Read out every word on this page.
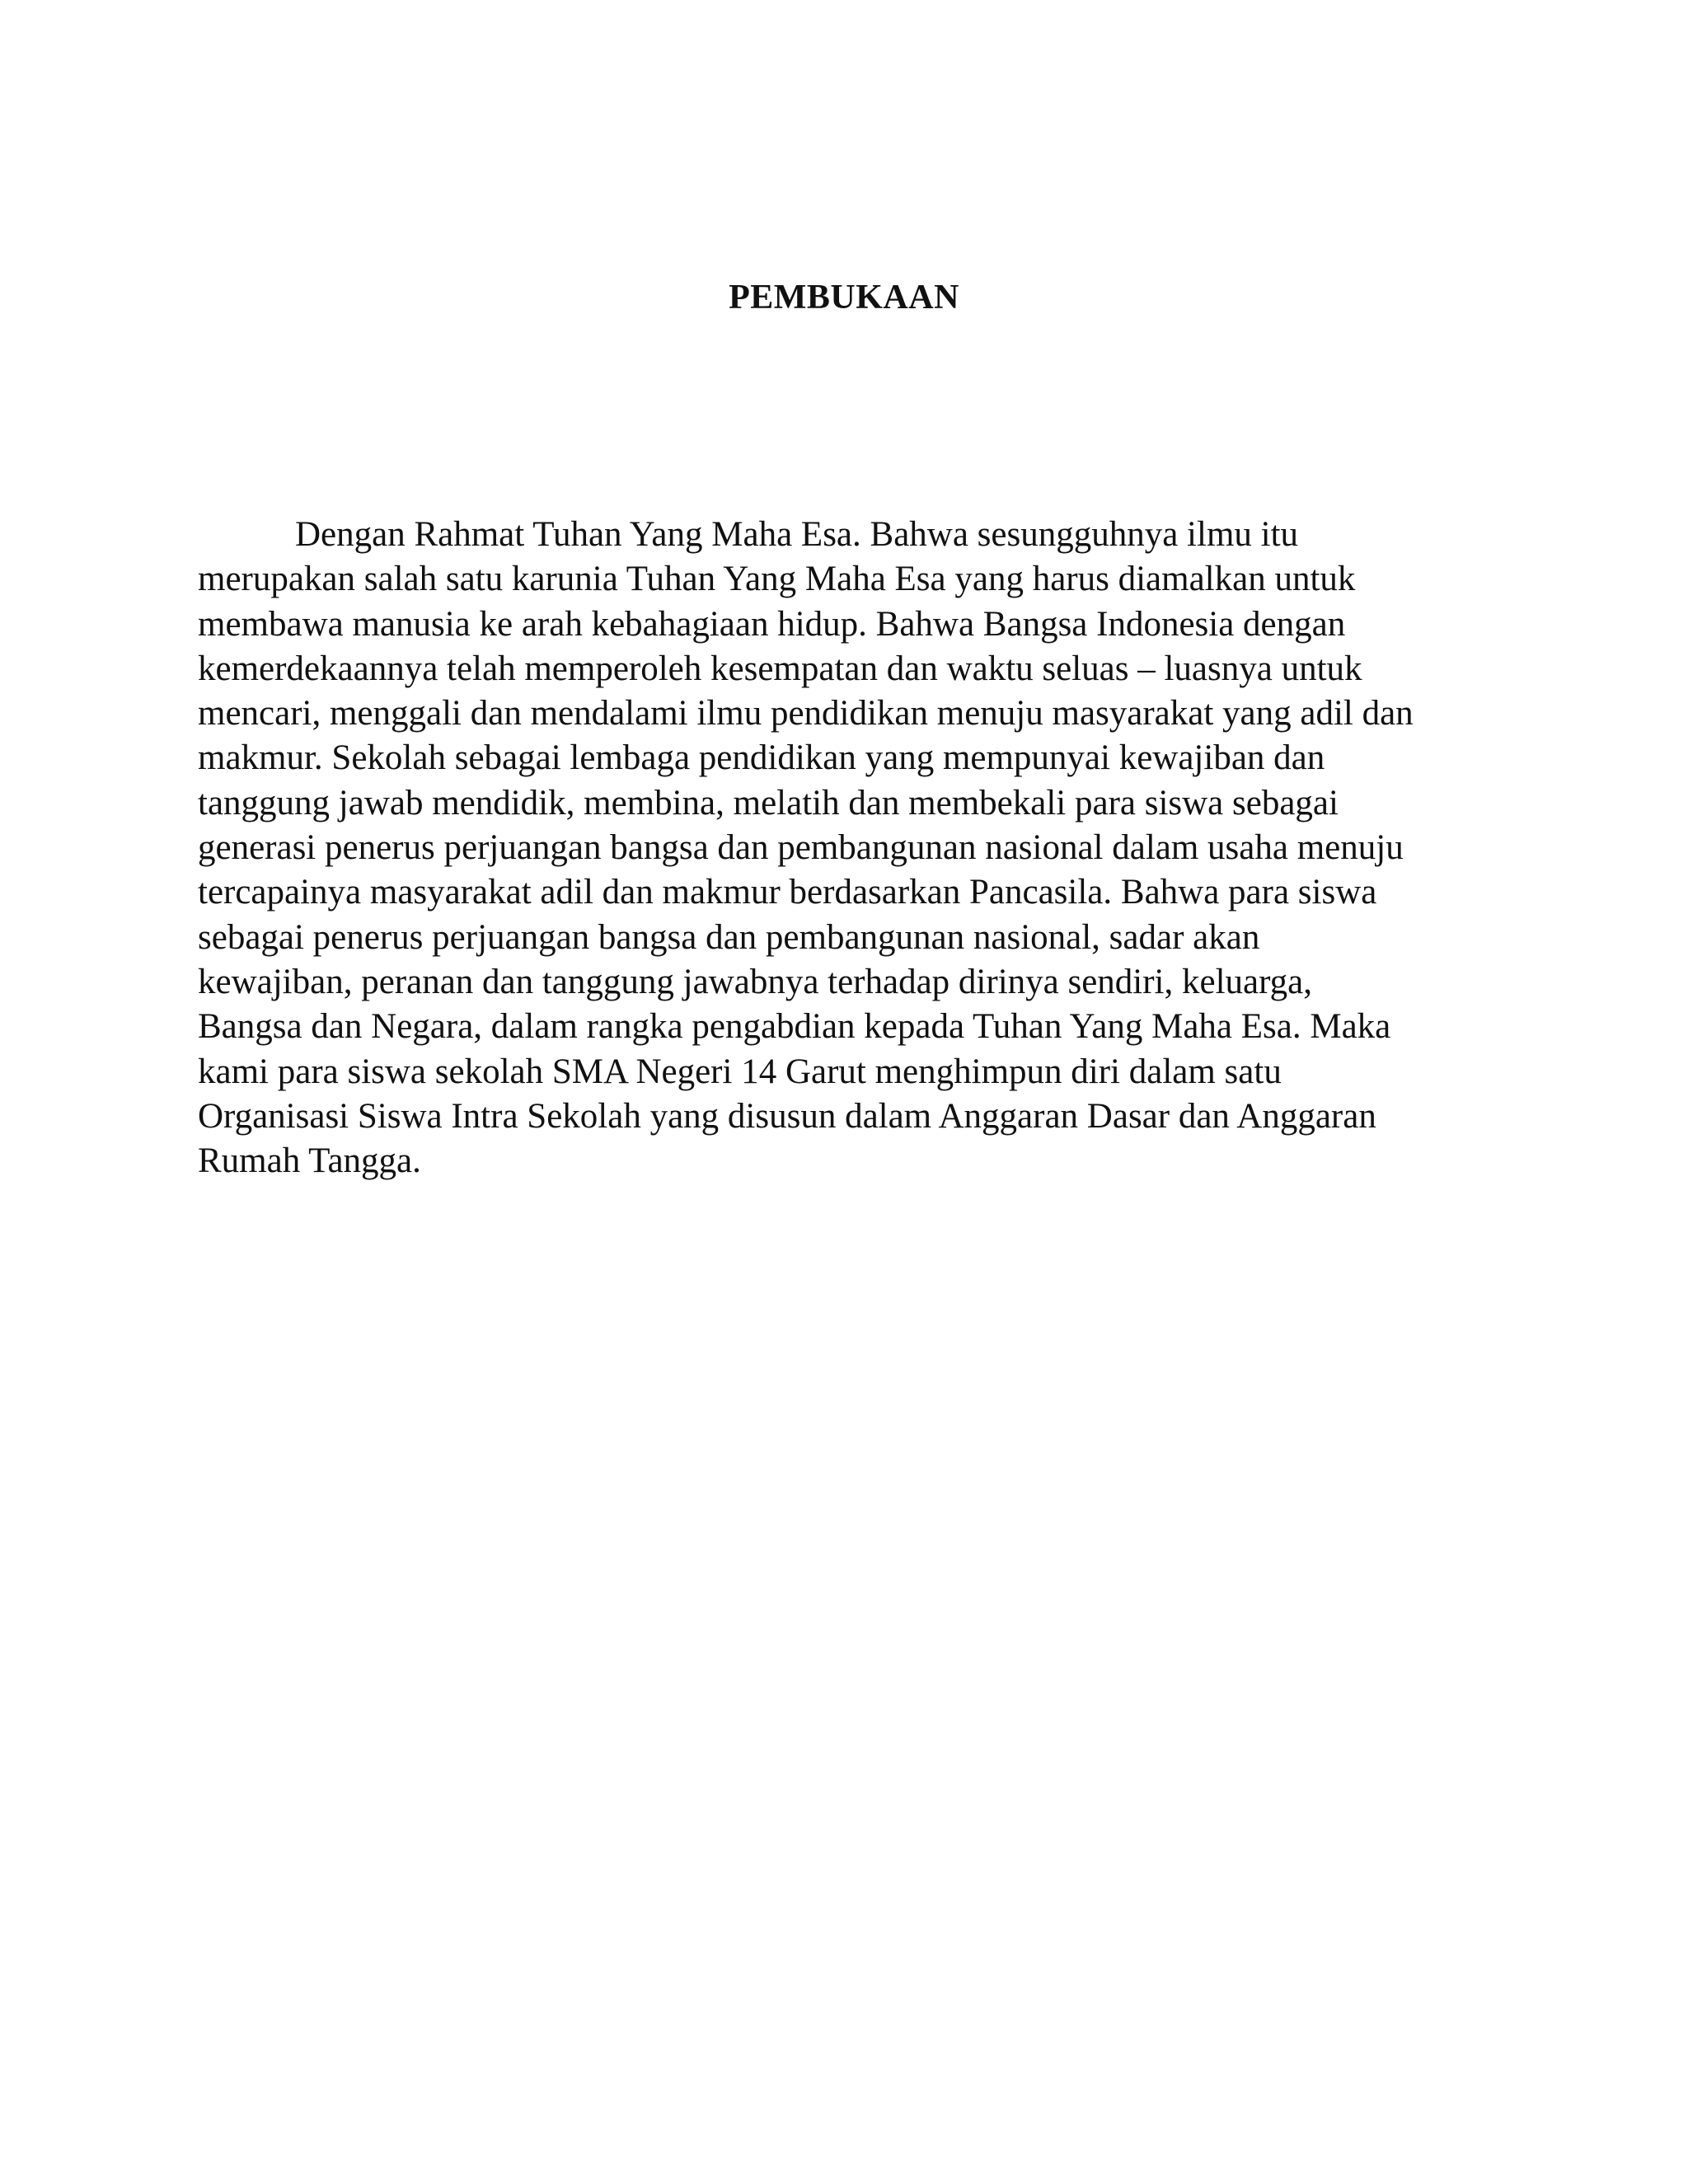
PEMBUKAAN

Dengan Rahmat Tuhan Yang Maha Esa. Bahwa sesungguhnya ilmu itu
merupakan salah satu karunia Tuhan Yang Maha Esa yang harus diamalkan untuk
membawa manusia ke arah kebahagiaan hidup. Bahwa Bangsa Indonesia dengan
kemerdekaannya telah memperoleh kesempatan dan waktu seluas – luasnya untuk
mencari, menggali dan mendalami ilmu pendidikan menuju masyarakat yang adil dan
makmur. Sekolah sebagai lembaga pendidikan yang mempunyai kewajiban dan
tanggung jawab mendidik, membina, melatih dan membekali para siswa sebagai
generasi penerus perjuangan bangsa dan pembangunan nasional dalam usaha menuju
tercapainya masyarakat adil dan makmur berdasarkan Pancasila. Bahwa para siswa
sebagai penerus perjuangan bangsa dan pembangunan nasional, sadar akan
kewajiban, peranan dan tanggung jawabnya terhadap dirinya sendiri, keluarga,
Bangsa dan Negara, dalam rangka pengabdian kepada Tuhan Yang Maha Esa. Maka
kami para siswa sekolah SMA Negeri 14 Garut menghimpun diri dalam satu
Organisasi Siswa Intra Sekolah yang disusun dalam Anggaran Dasar dan Anggaran
Rumah Tangga.
